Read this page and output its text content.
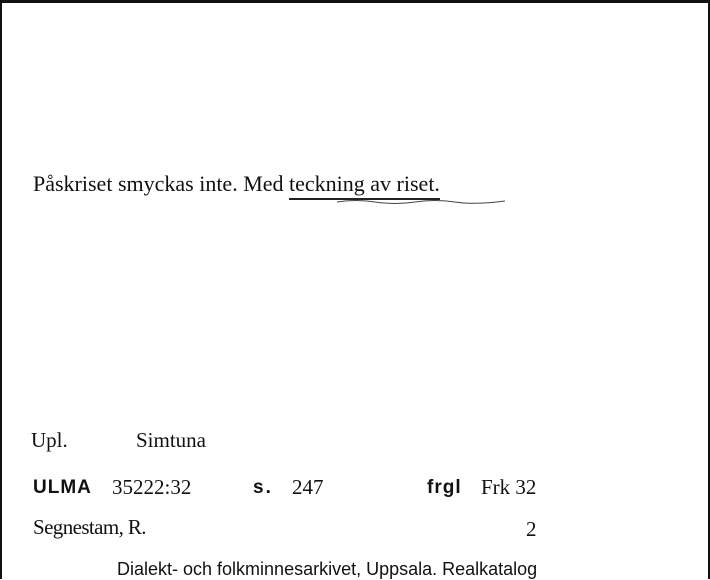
Påskriset smyckas inte. Med teckning av riset.
Upl.	Simtuna
ULMA 35222:32	s. 247	frgl Frk 32
Segnestam, R.	2
Dialekt- och folkminnesarkivet, Uppsala. Realkatalog
